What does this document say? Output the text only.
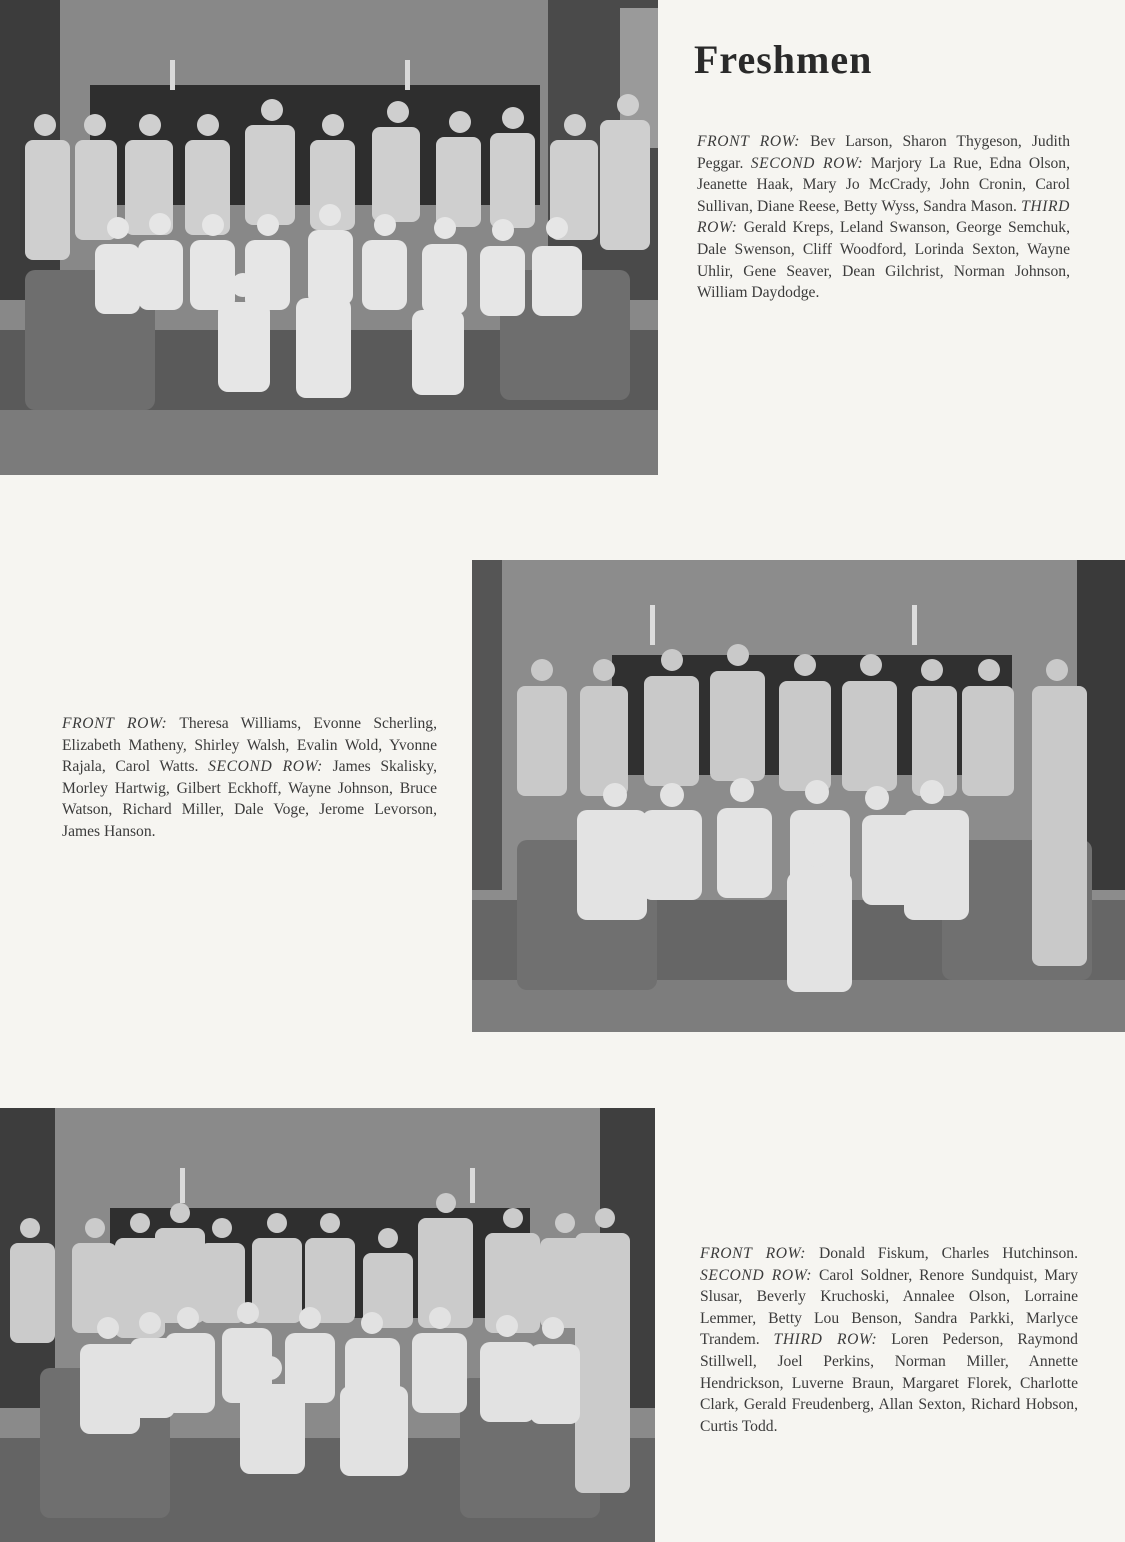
Freshmen

FRONT ROW: Bev Larson, Sharon Thygeson, Judith Peggar. SECOND ROW: Marjory La Rue, Edna Olson, Jeanette Haak, Mary Jo McCrady, John Cronin, Carol Sullivan, Diane Reese, Betty Wyss, Sandra Mason. THIRD ROW: Gerald Kreps, Leland Swanson, George Semchuk, Dale Swenson, Cliff Woodford, Lorinda Sexton, Wayne Uhlir, Gene Seaver, Dean Gilchrist, Norman Johnson, William Daydodge.

FRONT ROW: Theresa Williams, Evonne Scherling, Elizabeth Matheny, Shirley Walsh, Evalin Wold, Yvonne Rajala, Carol Watts. SECOND ROW: James Skalisky, Morley Hartwig, Gilbert Eckhoff, Wayne Johnson, Bruce Watson, Richard Miller, Dale Voge, Jerome Levorson, James Hanson.

FRONT ROW: Donald Fiskum, Charles Hutchinson. SECOND ROW: Carol Soldner, Renore Sundquist, Mary Slusar, Beverly Kruchoski, Annalee Olson, Lorraine Lemmer, Betty Lou Benson, Sandra Parkki, Marlyce Trandem. THIRD ROW: Loren Pederson, Raymond Stillwell, Joel Perkins, Norman Miller, Annette Hendrickson, Luverne Braun, Margaret Florek, Charlotte Clark, Gerald Freudenberg, Allan Sexton, Richard Hobson, Curtis Todd.
